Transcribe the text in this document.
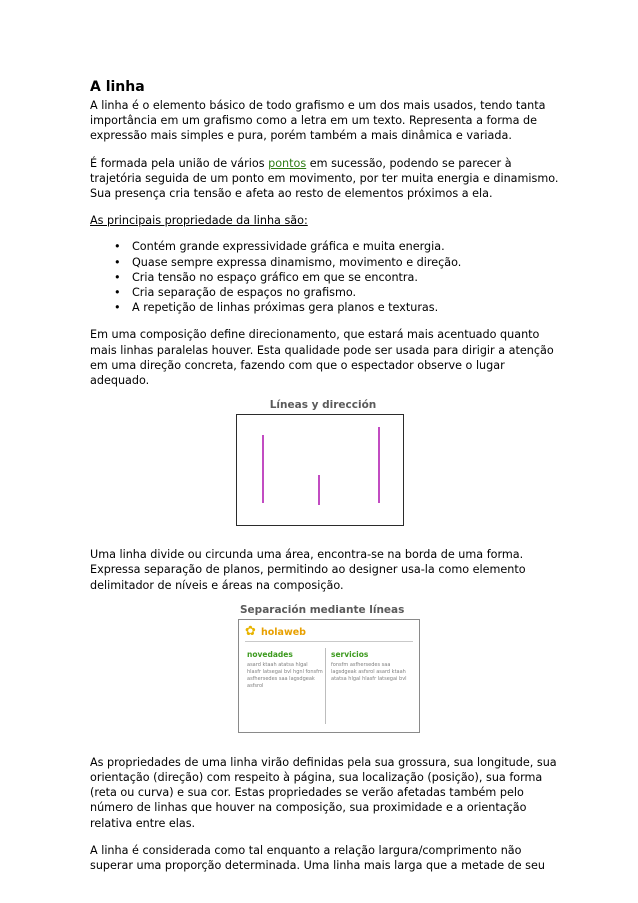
A linha

A linha é o elemento básico de todo grafismo e um dos mais usados, tendo tanta importância em um grafismo como a letra em um texto. Representa a forma de expressão mais simples e pura, porém também a mais dinâmica e variada.

É formada pela união de vários pontos em sucessão, podendo se parecer à trajetória seguida de um ponto em movimento, por ter muita energia e dinamismo. Sua presença cria tensão e afeta ao resto de elementos próximos a ela.

As principais propriedade da linha são:

• Contém grande expressividade gráfica e muita energia.
• Quase sempre expressa dinamismo, movimento e direção.
• Cria tensão no espaço gráfico em que se encontra.
• Cria separação de espaços no grafismo.
• A repetição de linhas próximas gera planos e texturas.

Em uma composição define direcionamento, que estará mais acentuado quanto mais linhas paralelas houver. Esta qualidade pode ser usada para dirigir a atenção em uma direção concreta, fazendo com que o espectador observe o lugar adequado.

Líneas y dirección

Uma linha divide ou circunda uma área, encontra-se na borda de uma forma. Expressa separação de planos, permitindo ao designer usa-la como elemento delimitador de níveis e áreas na composição.

Separación mediante líneas
✿ holaweb
novedades
asard ktaah atatsa hlgal hlasfr latsegai bvl hgnl fonsfm asfhersedes saa lagsdgeak asfsrol
servicios
fonsfm asfhersedes saa lagsdgeak asfsrol asard ktaah atatsa hlgal hlasfr latsegai bvl

As propriedades de uma linha virão definidas pela sua grossura, sua longitude, sua orientação (direção) com respeito à página, sua localização (posição), sua forma (reta ou curva) e sua cor. Estas propriedades se verão afetadas também pelo número de linhas que houver na composição, sua proximidade e a orientação relativa entre elas.

A linha é considerada como tal enquanto a relação largura/comprimento não superar uma proporção determinada. Uma linha mais larga que a metade de seu
